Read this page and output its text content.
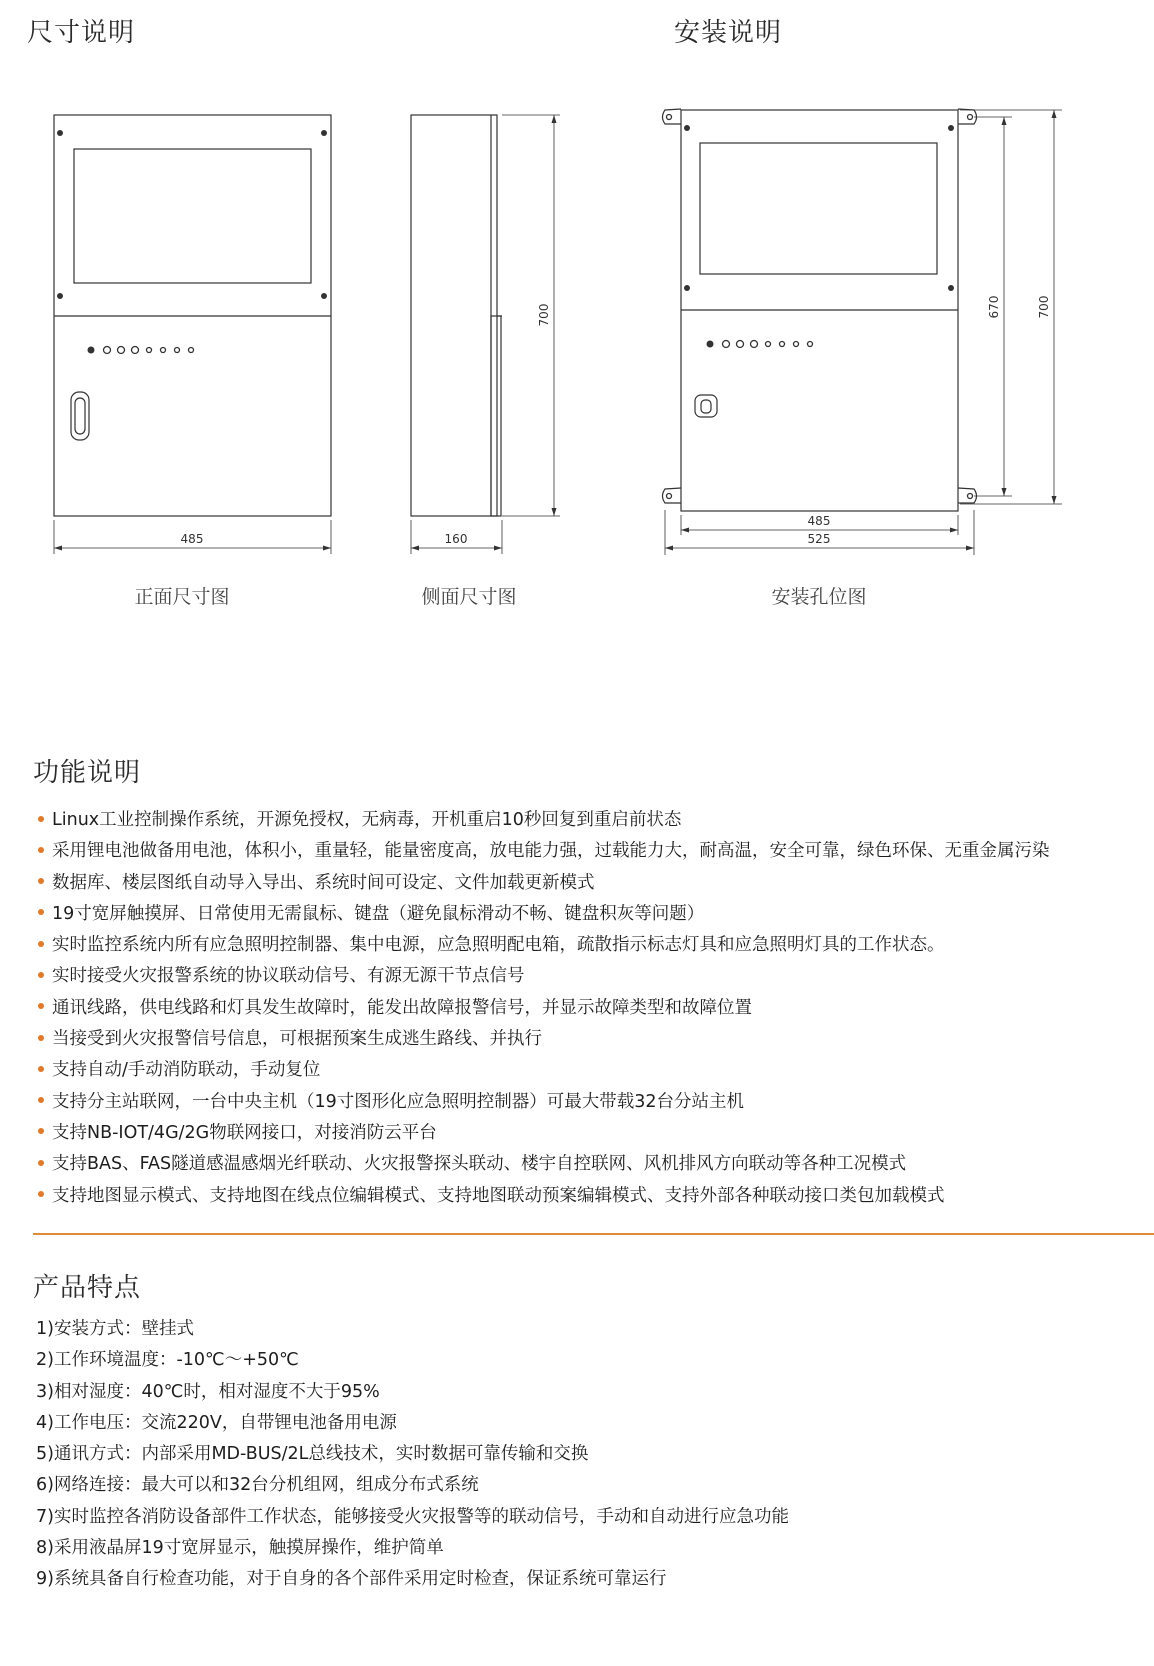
尺寸说明	安装说明
485	160
700
485
525
670	700
正面尺寸图	侧面尺寸图	安装孔位图
功能说明
Linux工业控制操作系统，开源免授权，无病毒，开机重启10秒回复到重启前状态
采用锂电池做备用电池，体积小，重量轻，能量密度高，放电能力强，过载能力大，耐高温，安全可靠，绿色环保、无重金属污染
数据库、楼层图纸自动导入导出、系统时间可设定、文件加载更新模式
19寸宽屏触摸屏、日常使用无需鼠标、键盘（避免鼠标滑动不畅、键盘积灰等问题）
实时监控系统内所有应急照明控制器、集中电源，应急照明配电箱，疏散指示标志灯具和应急照明灯具的工作状态。
实时接受火灾报警系统的协议联动信号、有源无源干节点信号
通讯线路，供电线路和灯具发生故障时，能发出故障报警信号，并显示故障类型和故障位置
当接受到火灾报警信号信息，可根据预案生成逃生路线、并执行
支持自动/手动消防联动，手动复位
支持分主站联网，一台中央主机（19寸图形化应急照明控制器）可最大带载32台分站主机
支持NB-IOT/4G/2G物联网接口，对接消防云平台
支持BAS、FAS隧道感温感烟光纤联动、火灾报警探头联动、楼宇自控联网、风机排风方向联动等各种工况模式
支持地图显示模式、支持地图在线点位编辑模式、支持地图联动预案编辑模式、支持外部各种联动接口类包加载模式
产品特点
1)安装方式：壁挂式
2)工作环境温度：-10℃～+50℃
3)相对湿度：40℃时，相对湿度不大于95%
4)工作电压：交流220V，自带锂电池备用电源
5)通讯方式：内部采用MD-BUS/2L总线技术，实时数据可靠传输和交换
6)网络连接：最大可以和32台分机组网，组成分布式系统
7)实时监控各消防设备部件工作状态，能够接受火灾报警等的联动信号，手动和自动进行应急功能
8)采用液晶屏19寸宽屏显示，触摸屏操作，维护简单
9)系统具备自行检查功能，对于自身的各个部件采用定时检查，保证系统可靠运行
